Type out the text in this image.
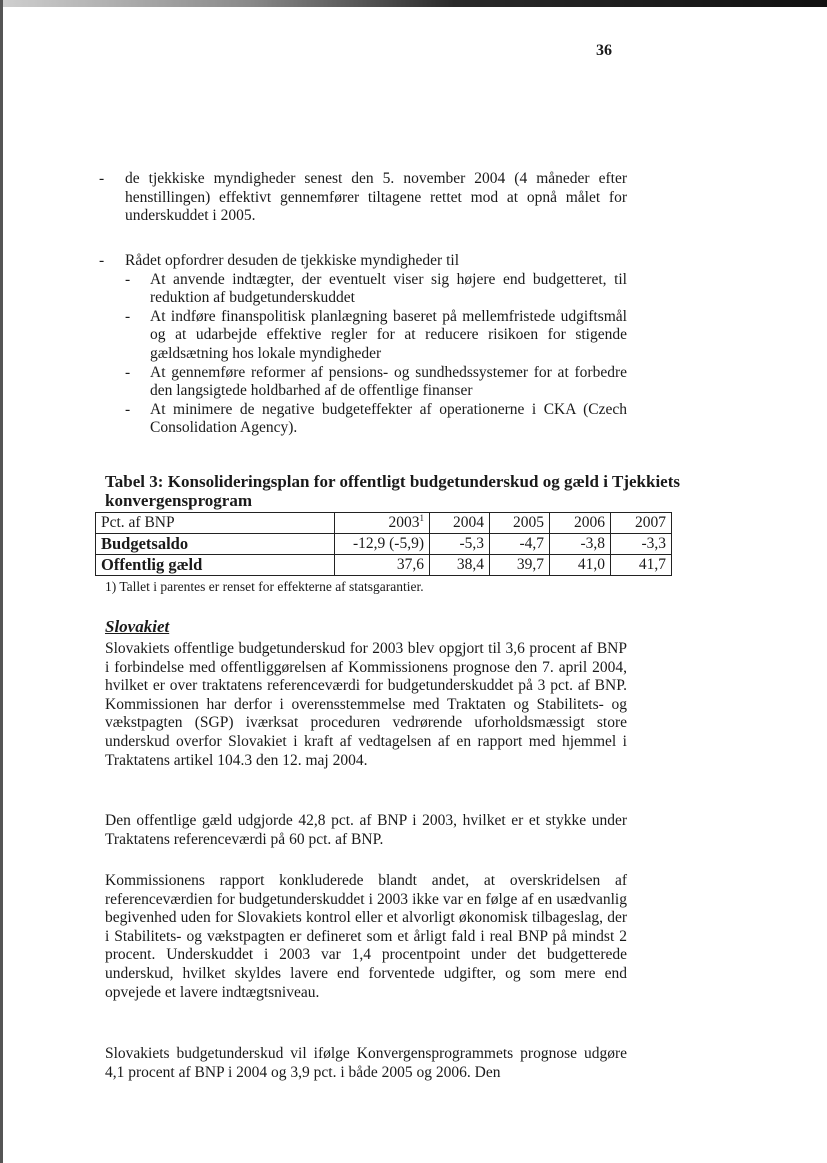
36
- de tjekkiske myndigheder senest den 5. november 2004 (4 måneder efter henstillingen) effektivt gennemfører tiltagene rettet mod at opnå målet for underskuddet i 2005.
- Rådet opfordrer desuden de tjekkiske myndigheder til
- At anvende indtægter, der eventuelt viser sig højere end budgetteret, til reduktion af budgetunderskuddet
- At indføre finanspolitisk planlægning baseret på mellemfristede udgiftsmål og at udarbejde effektive regler for at reducere risikoen for stigende gældsætning hos lokale myndigheder
- At gennemføre reformer af pensions- og sundhedssystemer for at forbedre den langsigtede holdbarhed af de offentlige finanser
- At minimere de negative budgeteffekter af operationerne i CKA (Czech Consolidation Agency).
Tabel 3: Konsolideringsplan for offentligt budgetunderskud og gæld i Tjekkiets konvergensprogram
Pct. af BNP	2003$^1$	2004	2005	2006	2007
Budgetsaldo	-12,9 (-5,9)	-5,3	-4,7	-3,8	-3,3
Offentlig gæld	37,6	38,4	39,7	41,0	41,7
1) Tallet i parentes er renset for effekterne af statsgarantier.
Slovakiet

Slovakiets offentlige budgetunderskud for 2003 blev opgjort til 3,6 procent af BNP i forbindelse med offentliggørelsen af Kommissionens prognose den 7. april 2004, hvilket er over traktatens referenceværdi for budgetunderskuddet på 3 pct. af BNP. Kommissionen har derfor i overensstemmelse med Traktaten og Stabilitets- og vækstpagten (SGP) iværksat proceduren vedrørende uforholdsmæssigt store underskud overfor Slovakiet i kraft af vedtagelsen af en rapport med hjemmel i Traktatens artikel 104.3 den 12. maj 2004.

Den offentlige gæld udgjorde 42,8 pct. af BNP i 2003, hvilket er et stykke under Traktatens referenceværdi på 60 pct. af BNP.

Kommissionens rapport konkluderede blandt andet, at overskridelsen af referenceværdien for budgetunderskuddet i 2003 ikke var en følge af en usædvanlig begivenhed uden for Slovakiets kontrol eller et alvorligt økonomisk tilbageslag, der i Stabilitets- og vækstpagten er defineret som et årligt fald i real BNP på mindst 2 procent. Underskuddet i 2003 var 1,4 procentpoint under det budgetterede underskud, hvilket skyldes lavere end forventede udgifter, og som mere end opvejede et lavere indtægtsniveau.

Slovakiets budgetunderskud vil ifølge Konvergensprogrammets prognose udgøre 4,1 procent af BNP i 2004 og 3,9 pct. i både 2005 og 2006. Den
